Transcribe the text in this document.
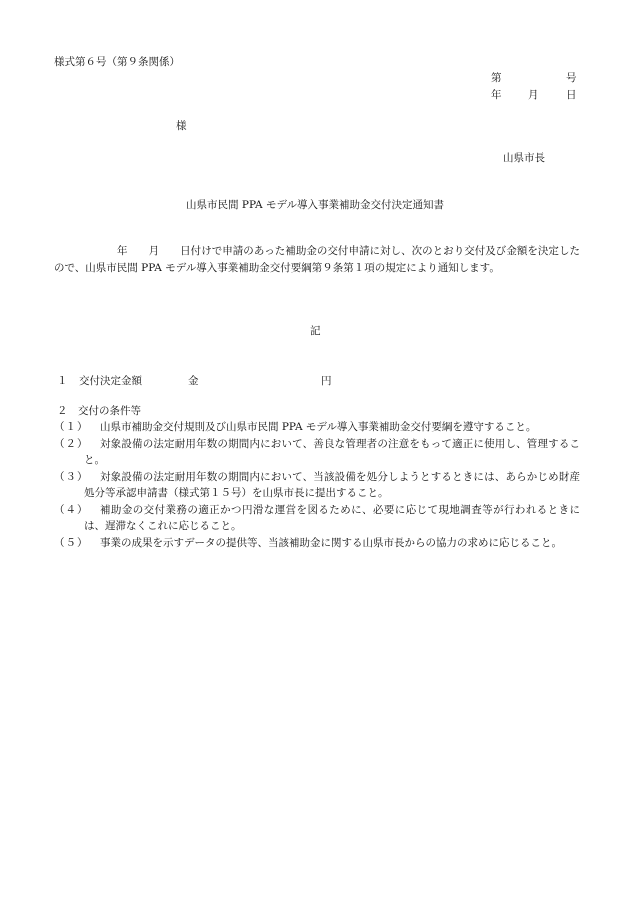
様式第６号（第９条関係）
第	号
年	月	日
様
山県市長
山県市民間 PPA モデル導入事業補助金交付決定通知書
年　　月　　日付けで申請のあった補助金の交付申請に対し、次のとおり交付及び金額を決定したので、山県市民間 PPA モデル導入事業補助金交付要綱第９条第１項の規定により通知します。
記
１ 交付決定金額	金	円
２　交付の条件等
（１）	山県市補助金交付規則及び山県市民間 PPA モデル導入事業補助金交付要綱を遵守すること。
（２）	対象設備の法定耐用年数の期間内において、善良な管理者の注意をもって適正に使用し、管理すること。
（３）	対象設備の法定耐用年数の期間内において、当該設備を処分しようとするときには、あらかじめ財産処分等承認申請書（様式第１５号）を山県市長に提出すること。
（４）	補助金の交付業務の適正かつ円滑な運営を図るために、必要に応じて現地調査等が行われるときには、遅滞なくこれに応じること。
（５）	事業の成果を示すデータの提供等、当該補助金に関する山県市長からの協力の求めに応じること。
